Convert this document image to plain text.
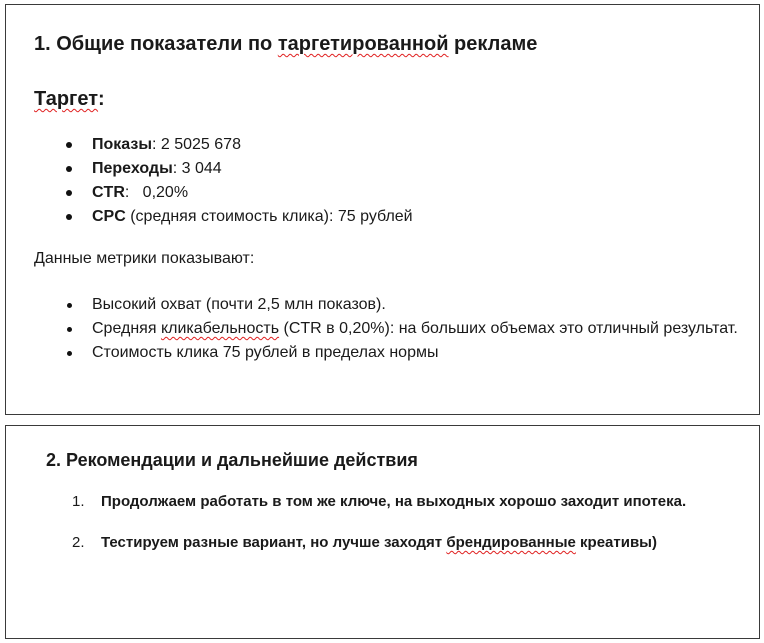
1. Общие показатели по таргетированной рекламе
Таргет:
Показы: 2 5025 678
Переходы: 3 044
CTR:   0,20%
CPC (средняя стоимость клика): 75 рублей

Данные метрики показывают:

Высокий охват (почти 2,5 млн показов).
Средняя кликабельность (CTR в 0,20%): на больших объемах это отличный результат.
Стоимость клика 75 рублей в пределах нормы
2. Рекомендации и дальнейшие действия
1. Продолжаем работать в том же ключе, на выходных хорошо заходит ипотека.
2. Тестируем разные вариант, но лучше заходят брендированные креативы)
